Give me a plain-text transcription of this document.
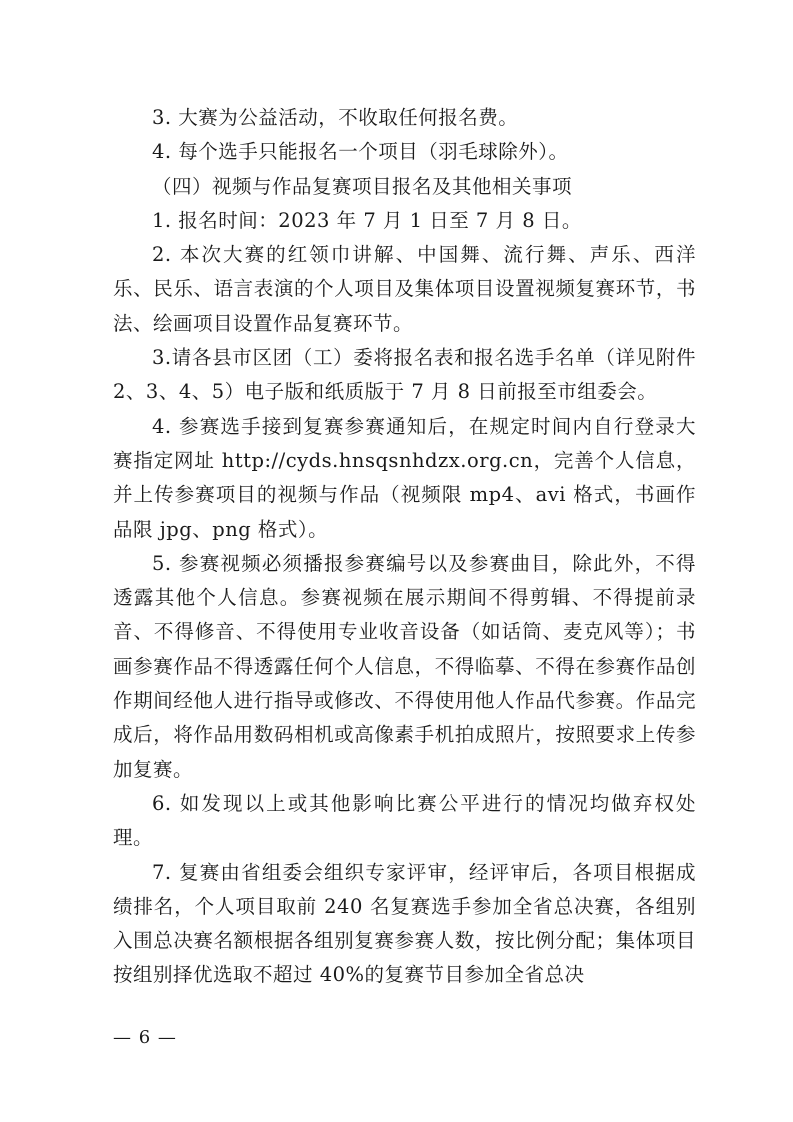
3. 大赛为公益活动，不收取任何报名费。

4. 每个选手只能报名一个项目（羽毛球除外）。

（四）视频与作品复赛项目报名及其他相关事项

1. 报名时间：2023 年 7 月 1 日至 7 月 8 日。

2. 本次大赛的红领巾讲解、中国舞、流行舞、声乐、西洋乐、民乐、语言表演的个人项目及集体项目设置视频复赛环节，书法、绘画项目设置作品复赛环节。

3.请各县市区团（工）委将报名表和报名选手名单（详见附件 2、3、4、5）电子版和纸质版于 7 月 8 日前报至市组委会。

4. 参赛选手接到复赛参赛通知后，在规定时间内自行登录大赛指定网址 http://cyds.hnsqsnhdzx.org.cn，完善个人信息，并上传参赛项目的视频与作品（视频限 mp4、avi 格式，书画作品限 jpg、png 格式）。

5. 参赛视频必须播报参赛编号以及参赛曲目，除此外，不得透露其他个人信息。参赛视频在展示期间不得剪辑、不得提前录音、不得修音、不得使用专业收音设备（如话筒、麦克风等）；书画参赛作品不得透露任何个人信息，不得临摹、不得在参赛作品创作期间经他人进行指导或修改、不得使用他人作品代参赛。作品完成后，将作品用数码相机或高像素手机拍成照片，按照要求上传参加复赛。

6. 如发现以上或其他影响比赛公平进行的情况均做弃权处理。

7. 复赛由省组委会组织专家评审，经评审后，各项目根据成绩排名，个人项目取前 240 名复赛选手参加全省总决赛，各组别入围总决赛名额根据各组别复赛参赛人数，按比例分配；集体项目按组别择优选取不超过 40%的复赛节目参加全省总决

— 6 —
